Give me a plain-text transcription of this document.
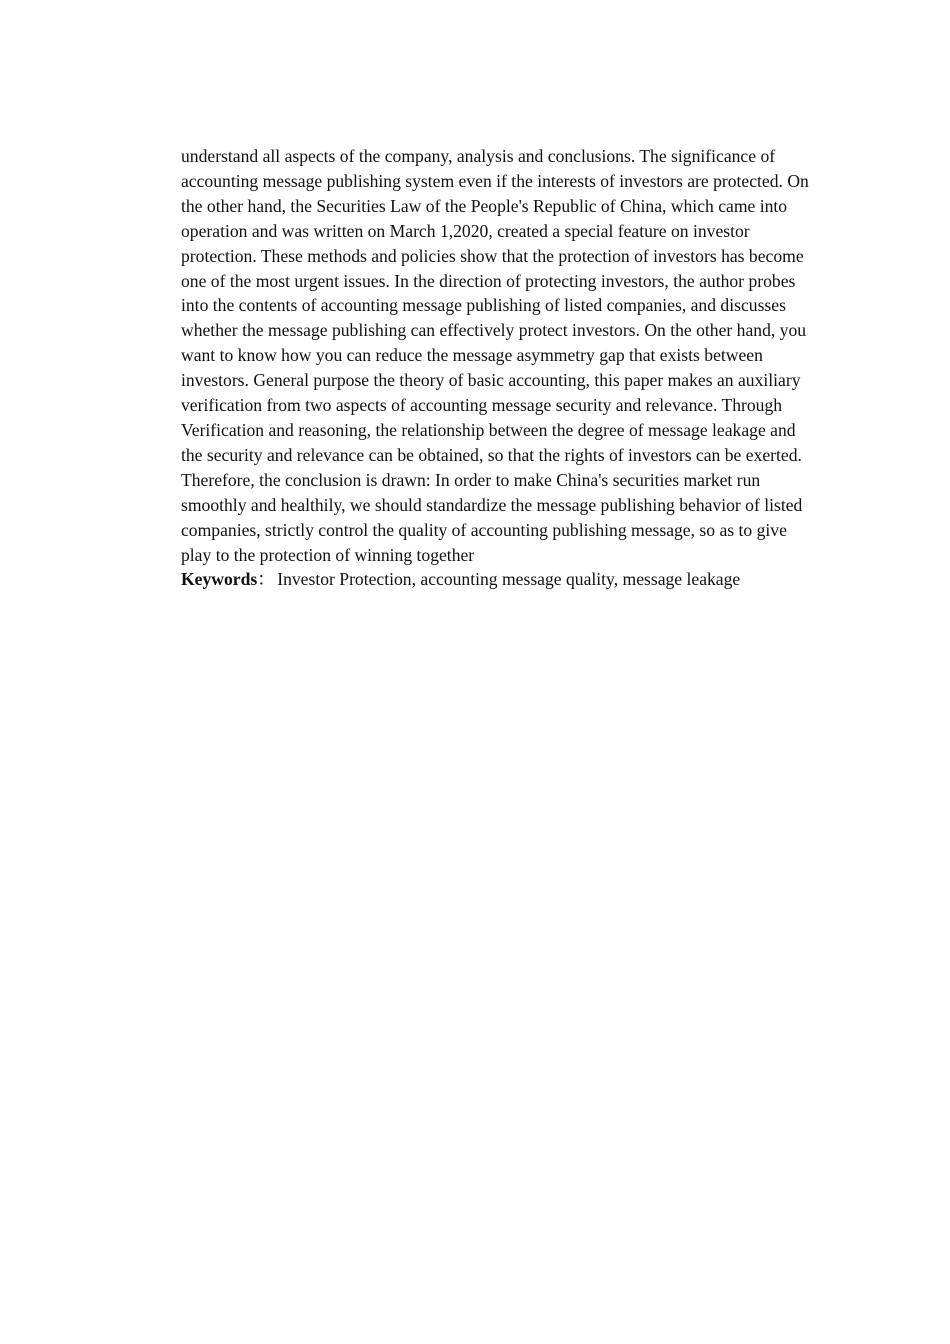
understand all aspects of the company, analysis and conclusions. The significance of accounting message publishing system even if the interests of investors are protected. On the other hand, the Securities Law of the People's Republic of China, which came into operation and was written on March 1,2020, created a special feature on investor protection. These methods and policies show that the protection of investors has become one of the most urgent issues. In the direction of protecting investors, the author probes into the contents of accounting message publishing of listed companies, and discusses whether the message publishing can effectively protect investors. On the other hand, you want to know how you can reduce the message asymmetry gap that exists between investors. General purpose the theory of basic accounting, this paper makes an auxiliary verification from two aspects of accounting message security and relevance. Through Verification and reasoning, the relationship between the degree of message leakage and the security and relevance can be obtained, so that the rights of investors can be exerted. Therefore, the conclusion is drawn: In order to make China's securities market run smoothly and healthily, we should standardize the message publishing behavior of listed companies, strictly control the quality of accounting publishing message, so as to give play to the protection of winning together

Keywords： Investor Protection, accounting message quality, message leakage
